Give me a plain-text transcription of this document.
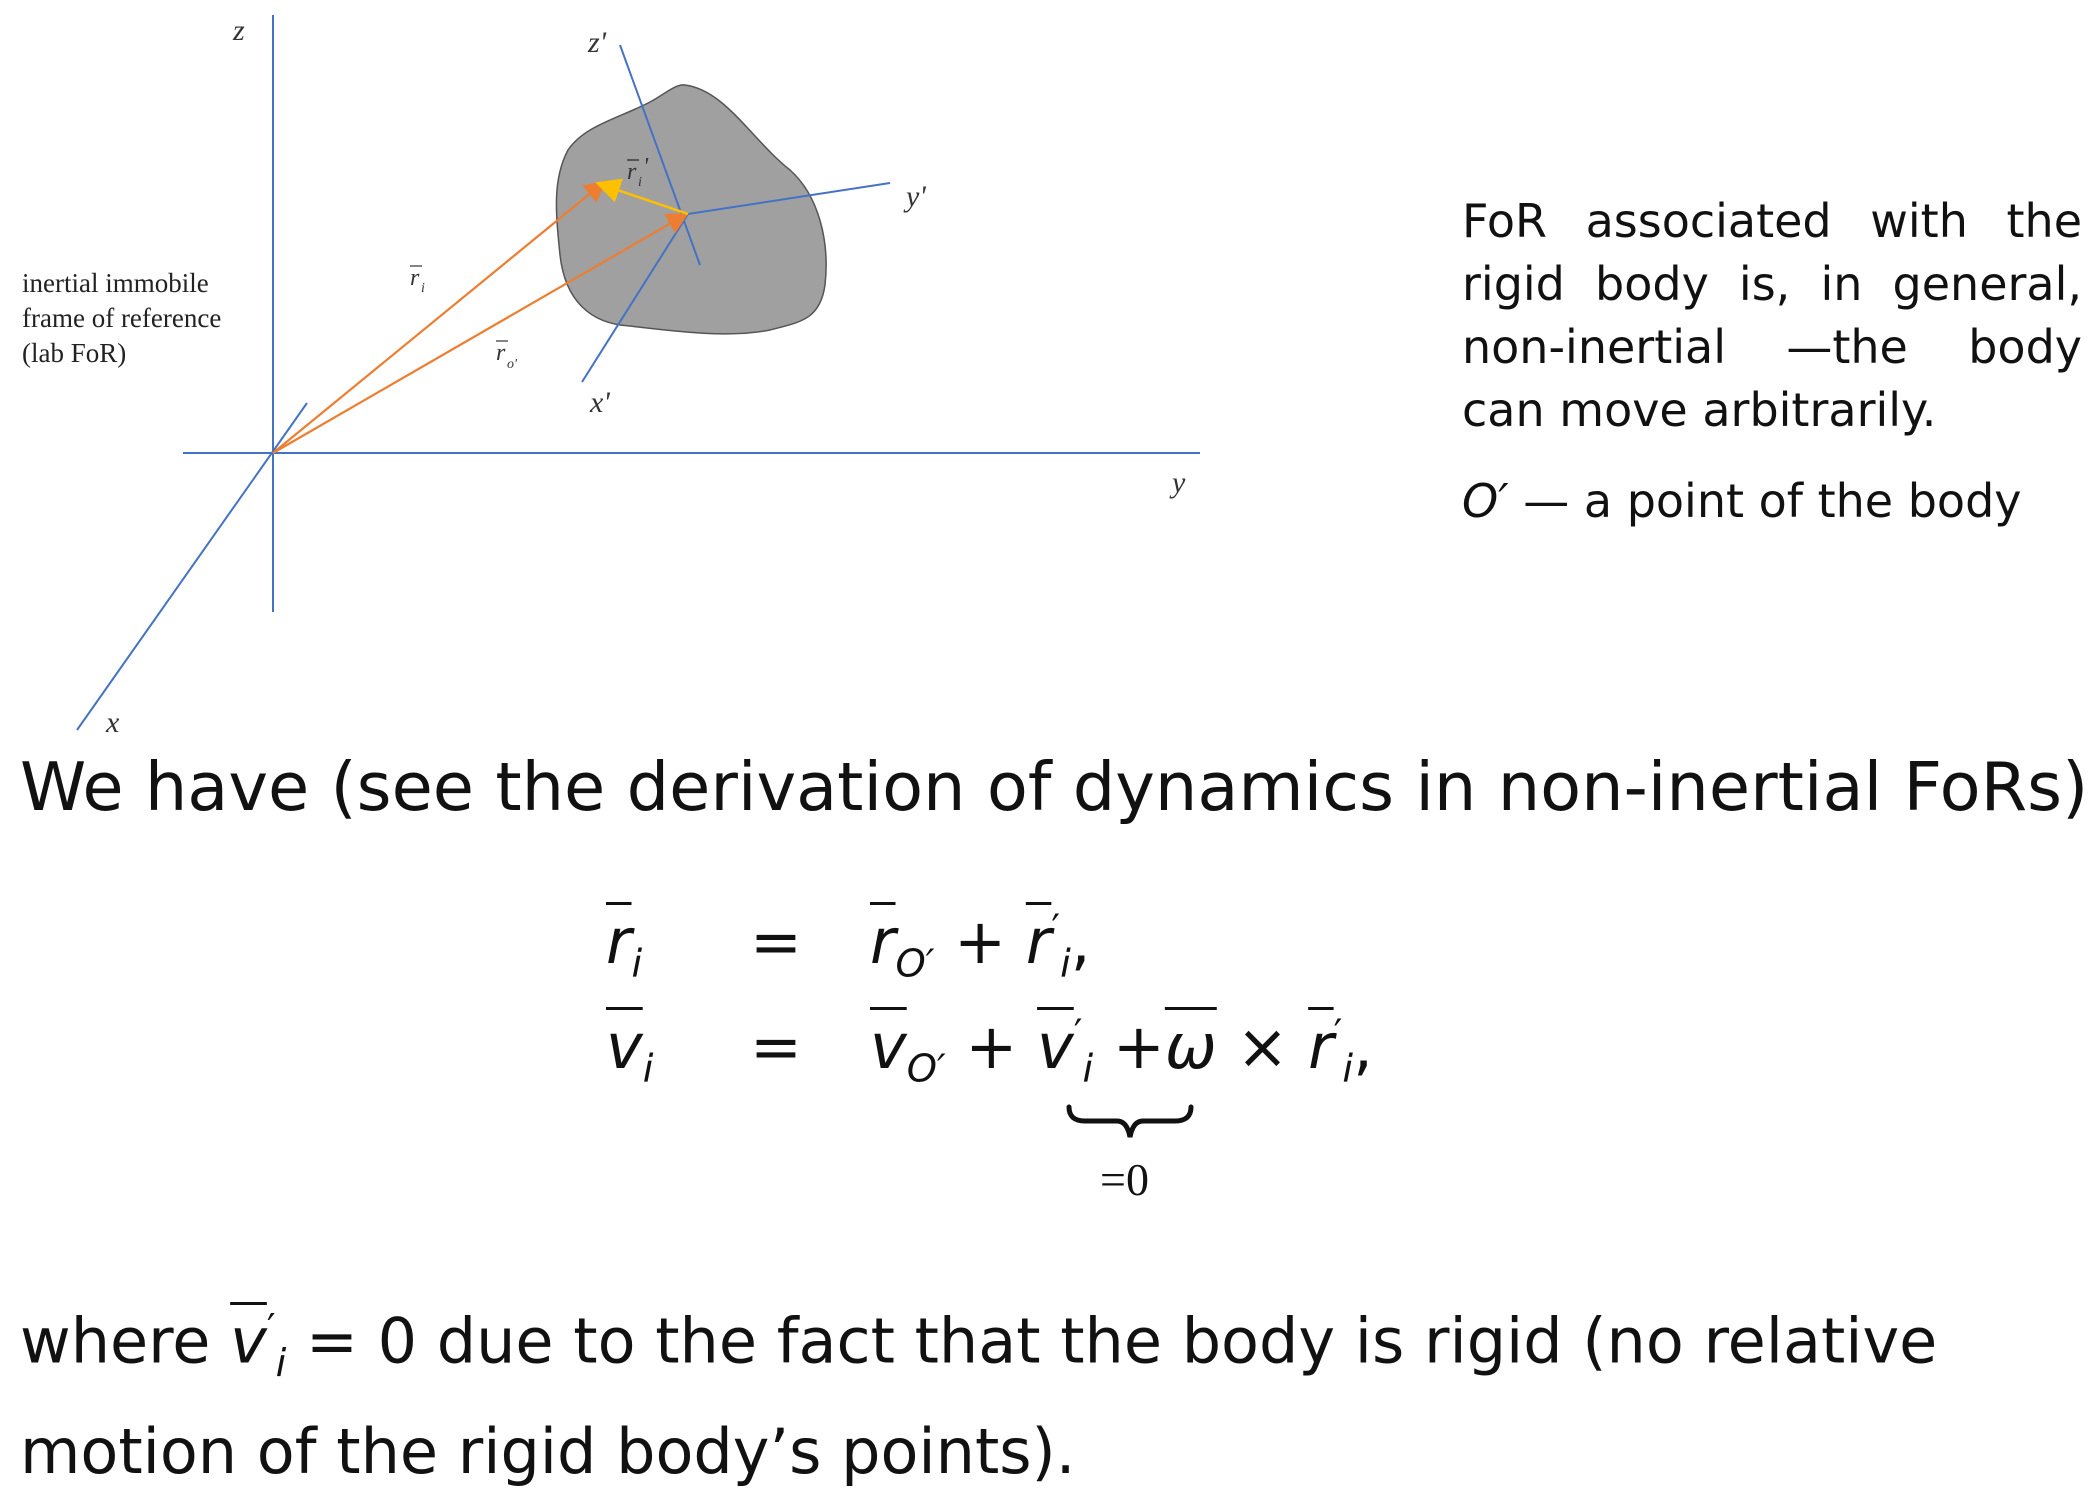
z
y
x
z'
y'
x'
r i
r o'
r i
'
inertial immobile frame of reference (lab FoR)

FoR associated with the rigid body is, in general, non-inertial —the body can move arbitrarily.

O′ — a point of the body

We have (see the derivation of dynamics in non-inertial FoRs)
$\overline{r}_i = \overline{r}_{O'} + \overline{r}'_i$,
$\overline{v}_i = \overline{v}_{O'} + \overline{v}'_i +\overline{\omega} \times \overline{r}'_i$,
=0
where $\overline{v}'_i = 0$ due to the fact that the body is rigid (no relative motion of the rigid body’s points).
